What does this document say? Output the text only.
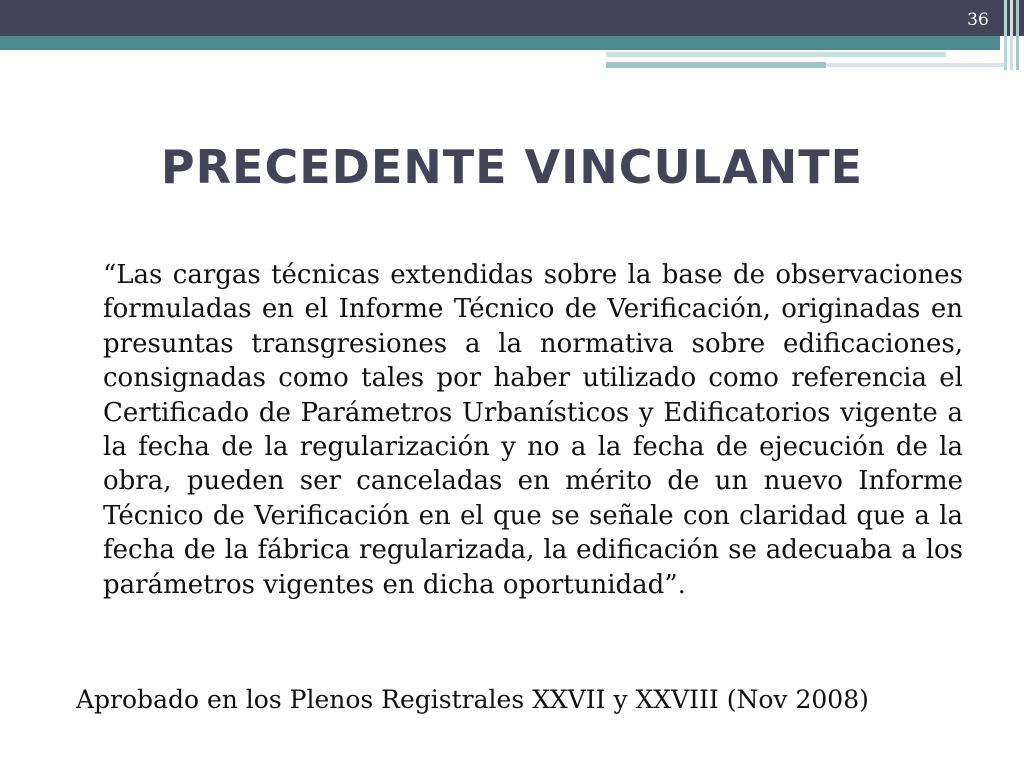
36
PRECEDENTE VINCULANTE

“Las cargas técnicas extendidas sobre la base de observaciones formuladas en el Informe Técnico de Verificación, originadas en presuntas transgresiones a la normativa sobre edificaciones, consignadas como tales por haber utilizado como referencia el Certificado de Parámetros Urbanísticos y Edificatorios vigente a la fecha de la regularización y no a la fecha de ejecución de la obra, pueden ser canceladas en mérito de un nuevo Informe Técnico de Verificación en el que se señale con claridad que a la fecha de la fábrica regularizada, la edificación se adecuaba a los parámetros vigentes en dicha oportunidad”.

Aprobado en los Plenos Registrales XXVII y XXVIII (Nov 2008)
